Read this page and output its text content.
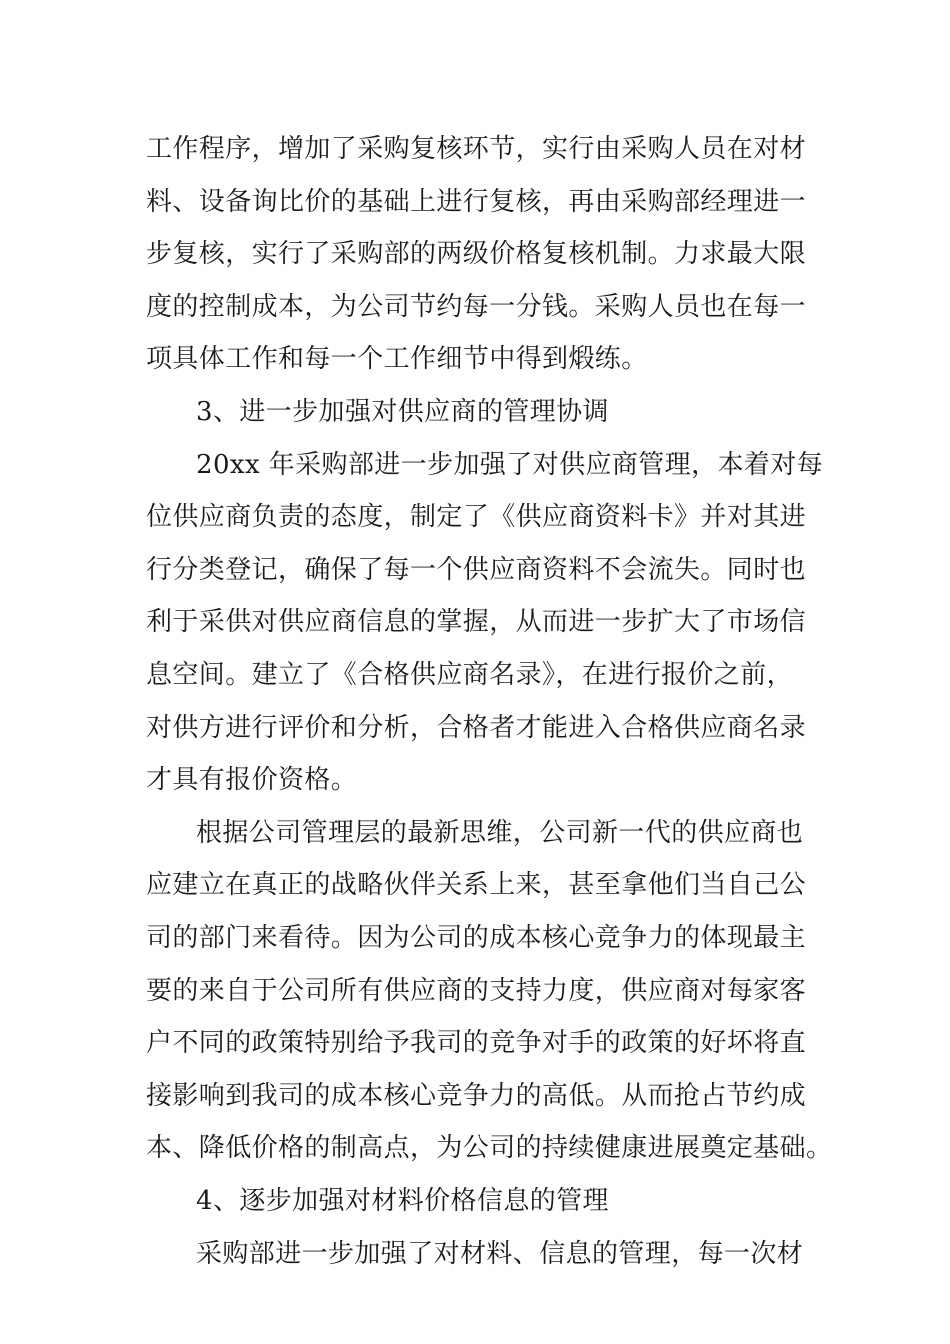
工作程序，增加了采购复核环节，实行由采购人员在对材
料、设备询比价的基础上进行复核，再由采购部经理进一
步复核，实行了采购部的两级价格复核机制。力求最大限
度的控制成本，为公司节约每一分钱。采购人员也在每一
项具体工作和每一个工作细节中得到煅练。
3、进一步加强对供应商的管理协调
20xx 年采购部进一步加强了对供应商管理，本着对每
位供应商负责的态度，制定了《供应商资料卡》并对其进
行分类登记，确保了每一个供应商资料不会流失。同时也
利于采供对供应商信息的掌握，从而进一步扩大了市场信
息空间。建立了《合格供应商名录》，在进行报价之前，
对供方进行评价和分析，合格者才能进入合格供应商名录
才具有报价资格。
根据公司管理层的最新思维，公司新一代的供应商也
应建立在真正的战略伙伴关系上来，甚至拿他们当自己公
司的部门来看待。因为公司的成本核心竞争力的体现最主
要的来自于公司所有供应商的支持力度，供应商对每家客
户不同的政策特别给予我司的竞争对手的政策的好坏将直
接影响到我司的成本核心竞争力的高低。从而抢占节约成
本、降低价格的制高点，为公司的持续健康进展奠定基础。
4、逐步加强对材料价格信息的管理
采购部进一步加强了对材料、信息的管理，每一次材
